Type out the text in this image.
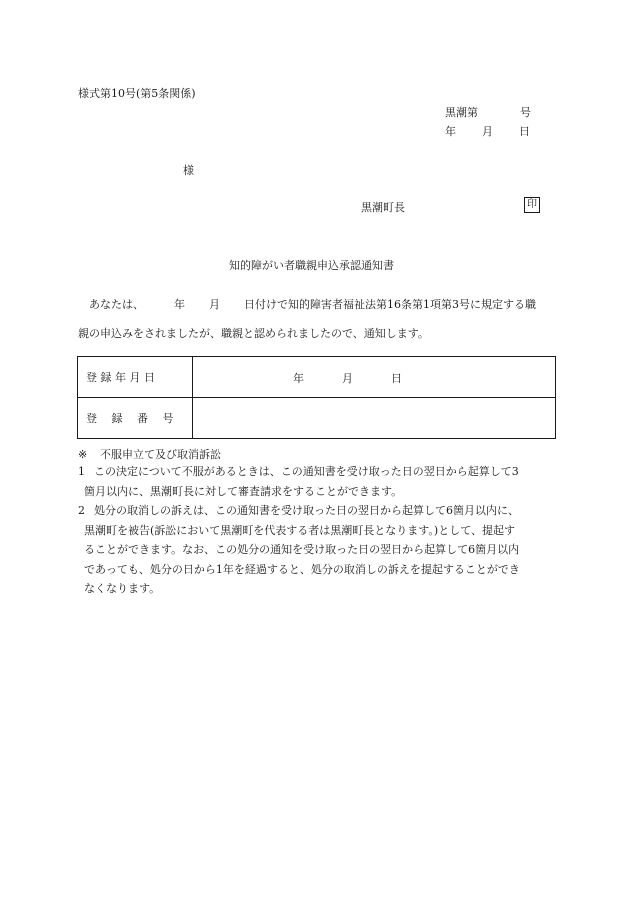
様式第10号(第5条関係)
黒潮第	号
年 月 日
様
黒潮町長	印
知的障がい者職親申込承認通知書
あなたは、	年 月 日付けで知的障害者福祉法第16条第1項第3号に規定する職
親の申込みをされましたが、職親と認められましたので、通知します。
登 録 年 月 日	年 月 日

登　 録 　番　 号	
※ 不服申立て及び取消訴訟
1 この決定について不服があるときは、この通知書を受け取った日の翌日から起算して3
箇月以内に、黒潮町長に対して審査請求をすることができます。
2 処分の取消しの訴えは、この通知書を受け取った日の翌日から起算して6箇月以内に、
黒潮町を被告(訴訟において黒潮町を代表する者は黒潮町長となります。)として、提起す
ることができます。なお、この処分の通知を受け取った日の翌日から起算して6箇月以内
であっても、処分の日から1年を経過すると、処分の取消しの訴えを提起することができ
なくなります。
